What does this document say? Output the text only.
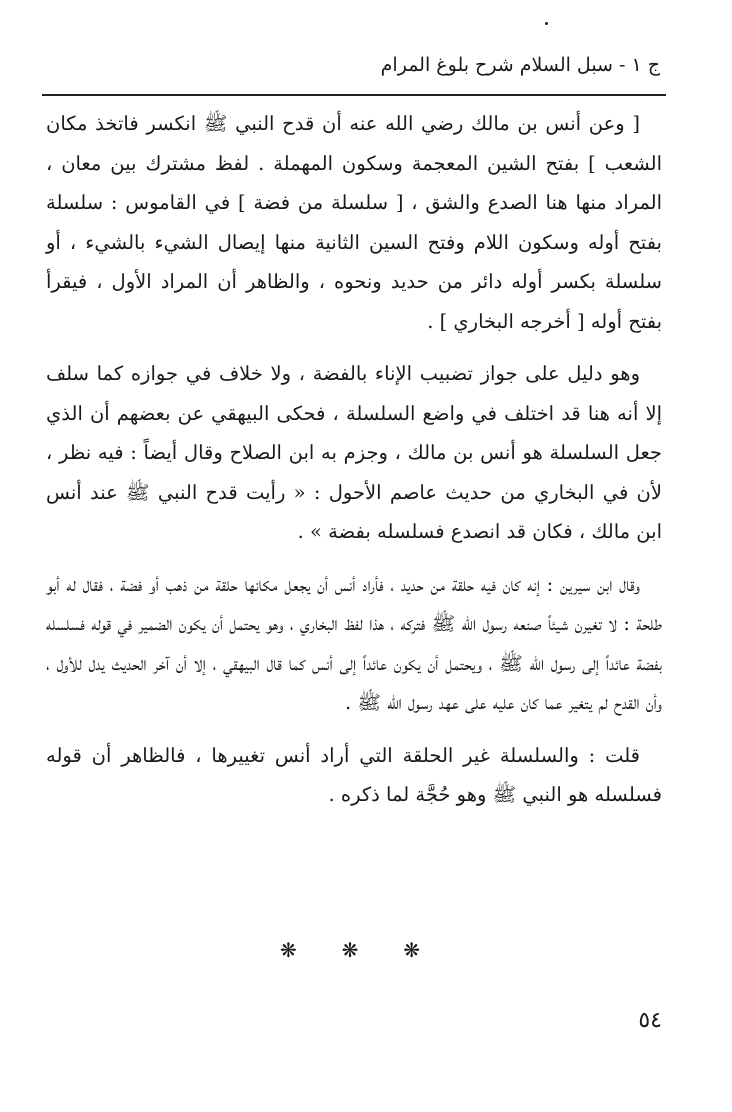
ج ١ - سبل السلام شرح بلوغ المرام

[ وعن أنس بن مالك رضي الله عنه أن قدح النبي ﷺ انكسر فاتخذ مكان الشعب ] بفتح الشين المعجمة وسكون المهملة . لفظ مشترك بين معان ، المراد منها هنا الصدع والشق ، [ سلسلة من فضة ] في القاموس : سلسلة بفتح أوله وسكون اللام وفتح السين الثانية منها إيصال الشيء بالشيء ، أو سلسلة بكسر أوله دائر من حديد ونحوه ، والظاهر أن المراد الأول ، فيقرأ بفتح أوله [ أخرجه البخاري ] .

وهو دليل على جواز تضبيب الإناء بالفضة ، ولا خلاف في جوازه كما سلف إلا أنه هنا قد اختلف في واضع السلسلة ، فحكى البيهقي عن بعضهم أن الذي جعل السلسلة هو أنس بن مالك ، وجزم به ابن الصلاح وقال أيضاً : فيه نظر ، لأن في البخاري من حديث عاصم الأحول : « رأيت قدح النبي ﷺ عند أنس ابن مالك ، فكان قد انصدع فسلسله بفضة » .

وقال ابن سيرين : إنه كان فيه حلقة من حديد ، فأراد أنس أن يجعل مكانها حلقة من ذهب أو فضة ، فقال له أبو طلحة : لا تغيرن شيئاً صنعه رسول الله ﷺ فتركه ، هذا لفظ البخاري ، وهو يحتمل أن يكون الضمير في قوله فسلسله بفضة عائداً إلى رسول الله ﷺ ، ويحتمل أن يكون عائداً إلى أنس كما قال البيهقي ، إلا أن آخر الحديث يدل للأول ، وأن القدح لم يتغير عما كان عليه على عهد رسول الله ﷺ .

قلت : والسلسلة غير الحلقة التي أراد أنس تغييرها ، فالظاهر أن قوله فسلسله هو النبي ﷺ وهو حُجَّة لما ذكره .

❋ ❋ ❋
٥٤
